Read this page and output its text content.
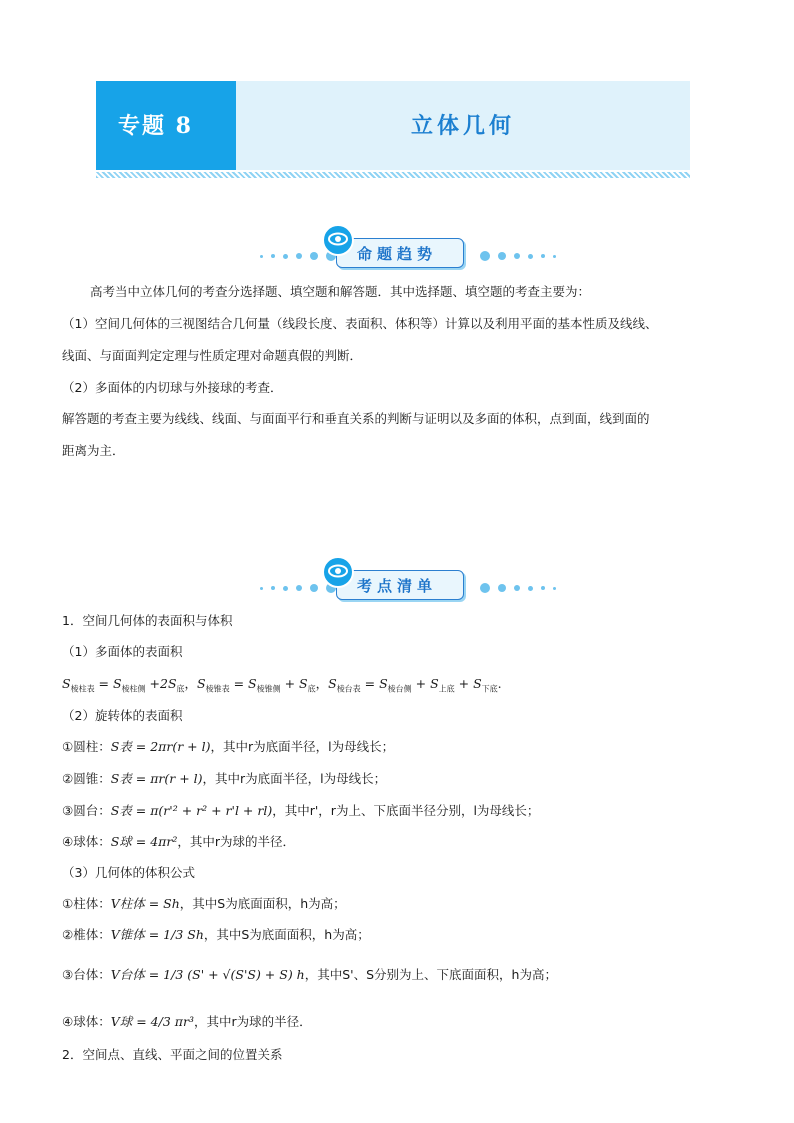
专题 8	立体几何
命题趋势
高考当中立体几何的考查分选择题、填空题和解答题．其中选择题、填空题的考查主要为：
（1）空间几何体的三视图结合几何量（线段长度、表面积、体积等）计算以及利用平面的基本性质及线线、
线面、与面面判定定理与性质定理对命题真假的判断．
（2）多面体的内切球与外接球的考查．
解答题的考查主要为线线、线面、与面面平行和垂直关系的判断与证明以及多面的体积，点到面，线到面的
距离为主．
考点清单
1．空间几何体的表面积与体积
（1）多面体的表面积
$S_{棱柱表} = S_{棱柱侧} +2S_底$，$S_{棱锥表} = S_{棱锥侧} + S_底$，$S_{棱台表} = S_{棱台侧} + S_{上底} + S_{下底}$.
（2）旋转体的表面积
①圆柱：S表 = 2πr(r + l)，其中r为底面半径，l为母线长；
②圆锥：S表 = πr(r + l)，其中r为底面半径，l为母线长；
③圆台：S表 = π(r'² + r² + r'l + rl)，其中r'，r为上、下底面半径分别，l为母线长；
④球体：S球 = 4πr²，其中r为球的半径．
（3）几何体的体积公式
①柱体：V柱体 = Sh，其中S为底面面积，h为高；
②椎体：V锥体 = 1/3 Sh，其中S为底面面积，h为高；
③台体：V台体 = 1/3 (S' + √(S'S) + S) h，其中S'、S分别为上、下底面面积，h为高；
④球体：V球 = 4/3 πr³，其中r为球的半径．
2．空间点、直线、平面之间的位置关系
